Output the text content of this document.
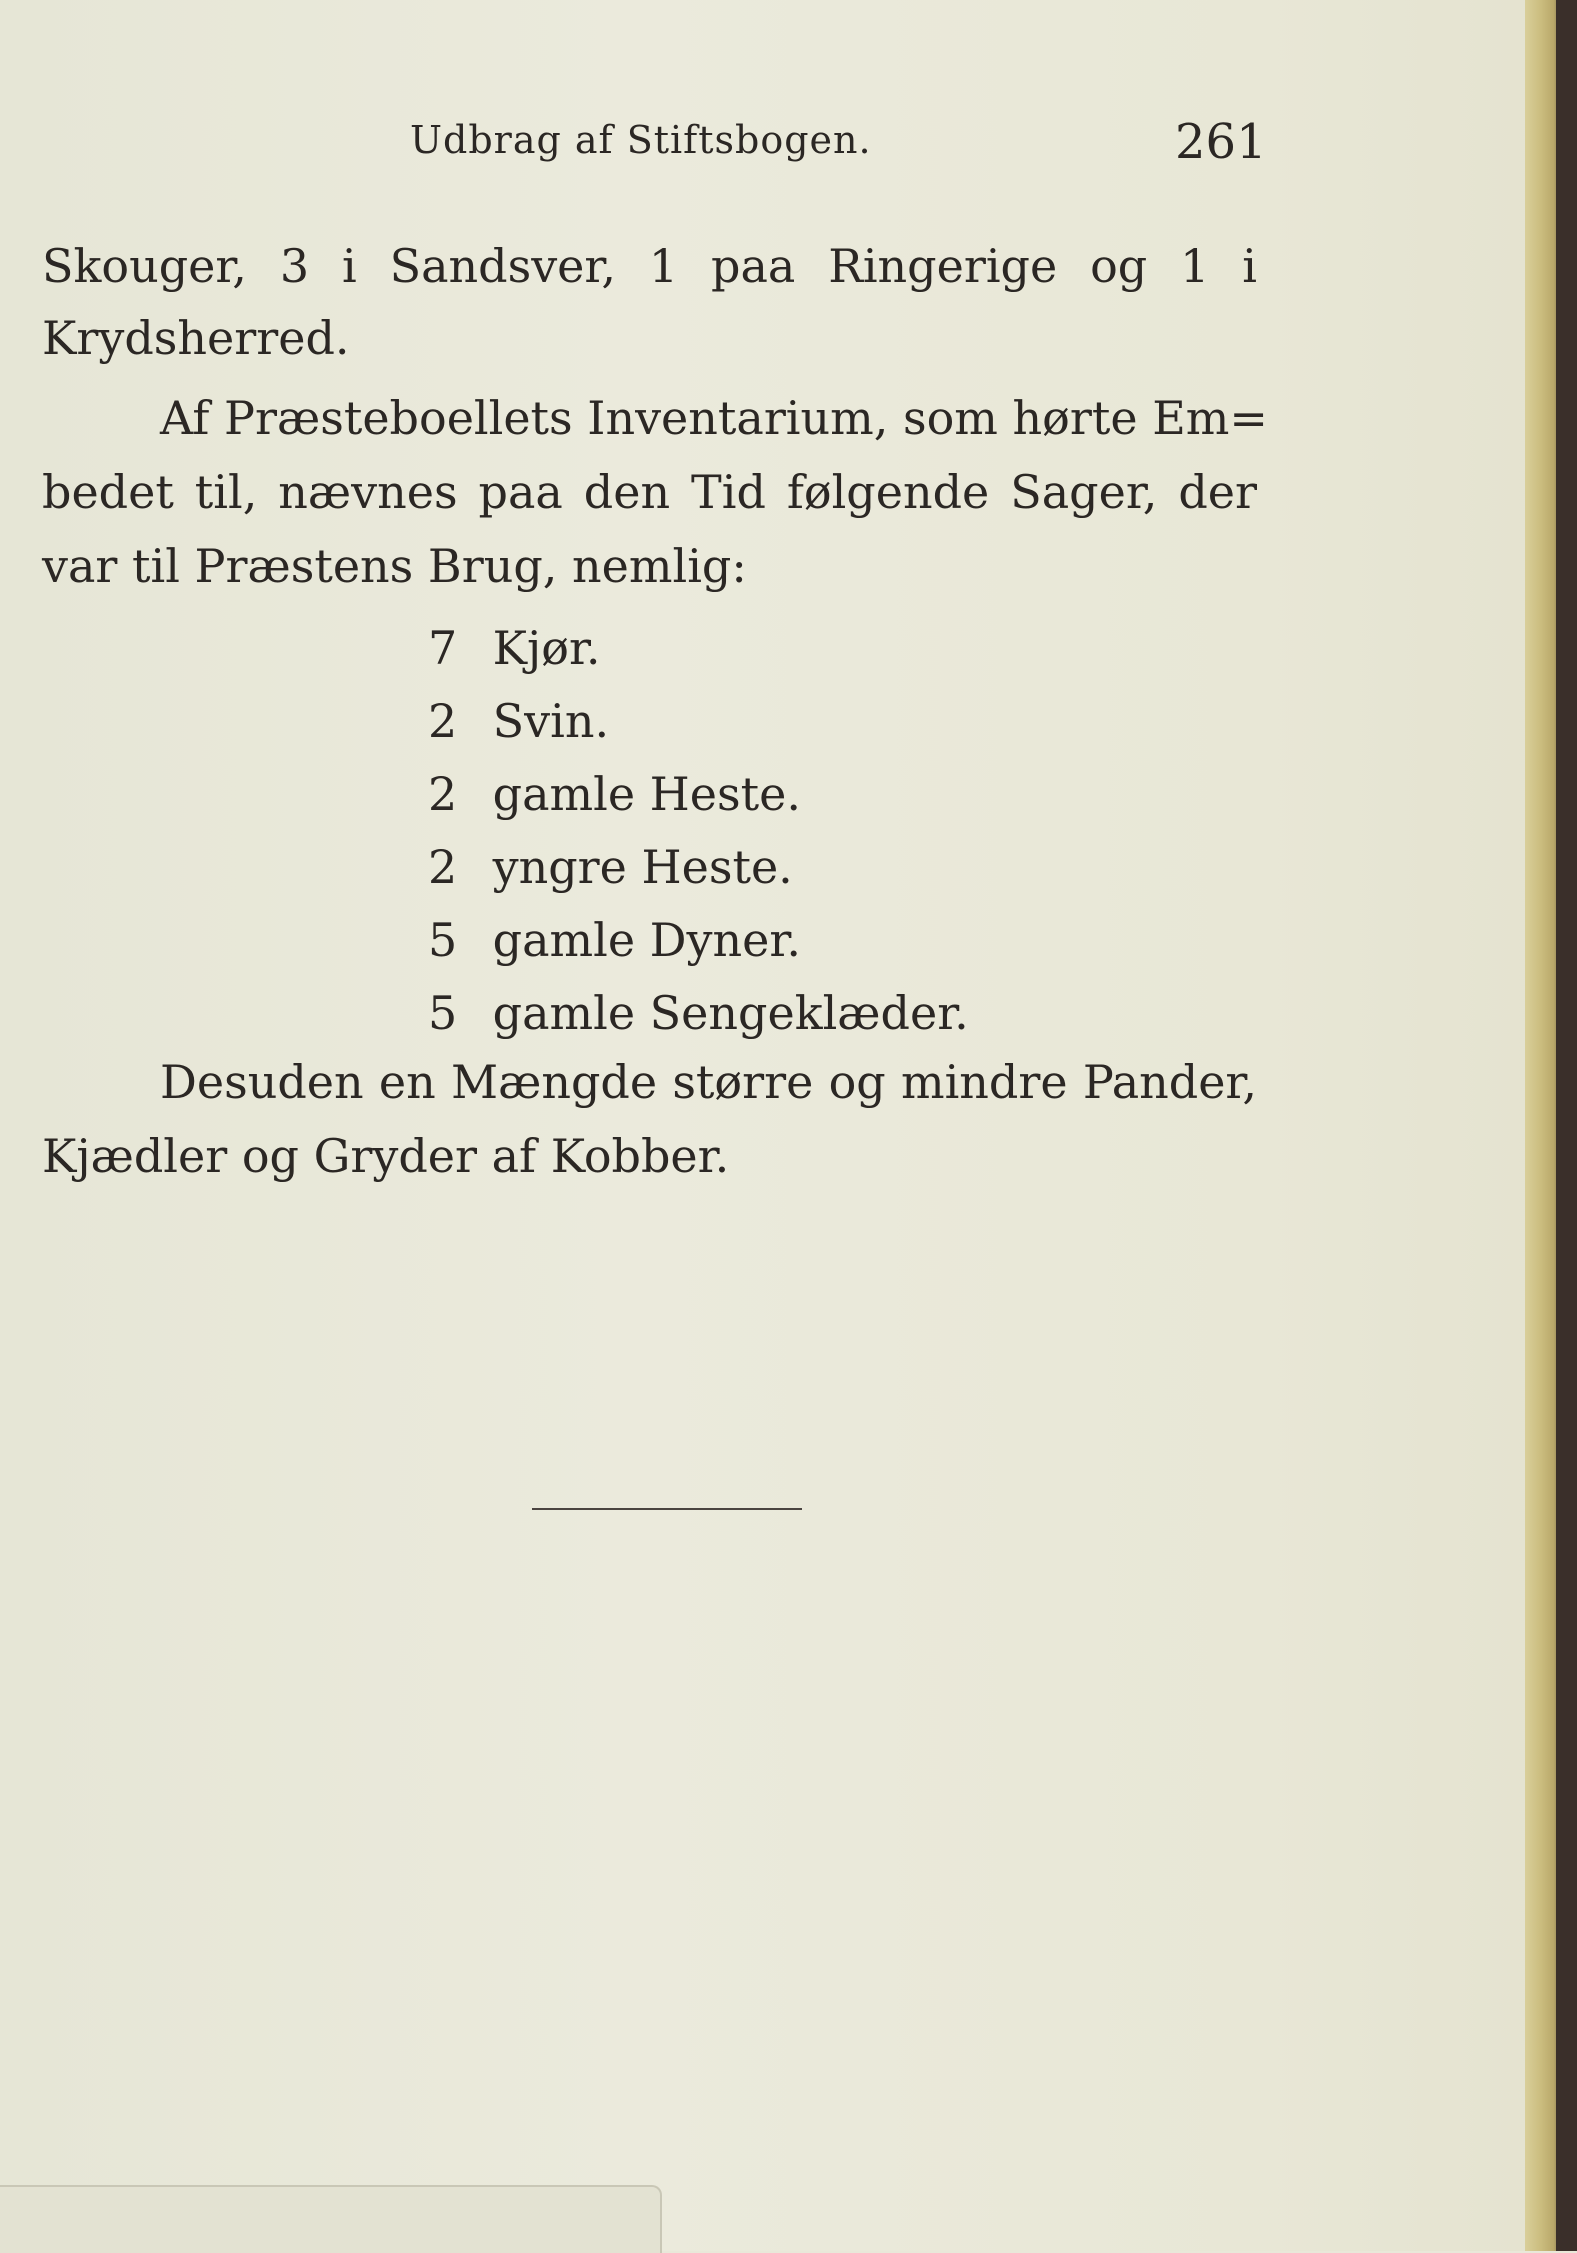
Udbrag af Stiftsbogen.	261
Skouger, 3 i Sandsver, 1 paa Ringerige og 1 i
Krydsherred.
Af Præsteboellets Inventarium, som hørte Em=
bedet til, nævnes paa den Tid følgende Sager, der
var til Præstens Brug, nemlig:
7 Kjør.
2 Svin.
2 gamle Heste.
2 yngre Heste.
5 gamle Dyner.
5 gamle Sengeklæder.
Desuden en Mængde større og mindre Pander,
Kjædler og Gryder af Kobber.
